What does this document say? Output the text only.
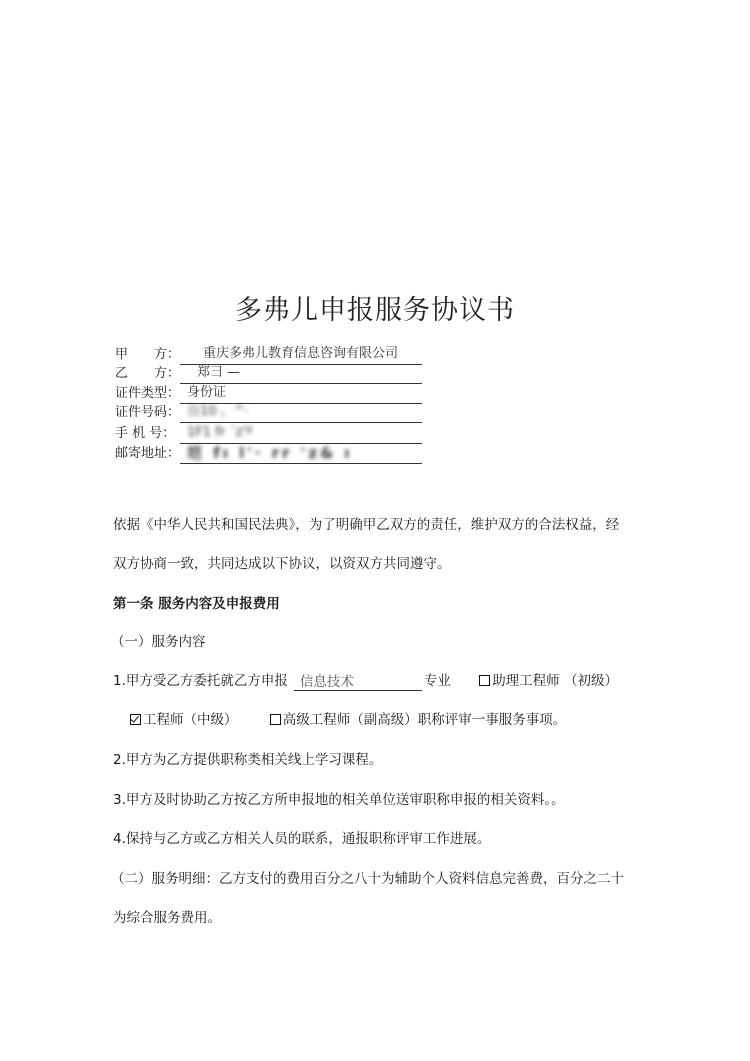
多弗儿申报服务协议书
甲　　方： 重庆多弗儿教育信息咨询有限公司
乙　　方： 郑彐 —
证件类型： 身份证
证件号码： 自10 。^·
手 机 号： 1F1 fr ´z'º
邮寄地址： 垲 fı l'· rr 'z& ı
依据《中华人民共和国民法典》，为了明确甲乙双方的责任，维护双方的合法权益，经
双方协商一致，共同达成以下协议，以资双方共同遵守。
第一条 服务内容及申报费用
（一）服务内容
1.甲方受乙方委托就乙方申报 信息技术	专业	助理工程师 （初级）
工程师（中级）	高级工程师（副高级）职称评审一事服务事项。
2.甲方为乙方提供职称类相关线上学习课程。
3.甲方及时协助乙方按乙方所申报地的相关单位送审职称申报的相关资料。。
4.保持与乙方或乙方相关人员的联系，通报职称评审工作进展。
（二）服务明细：乙方支付的费用百分之八十为辅助个人资料信息完善费，百分之二十
为综合服务费用。
